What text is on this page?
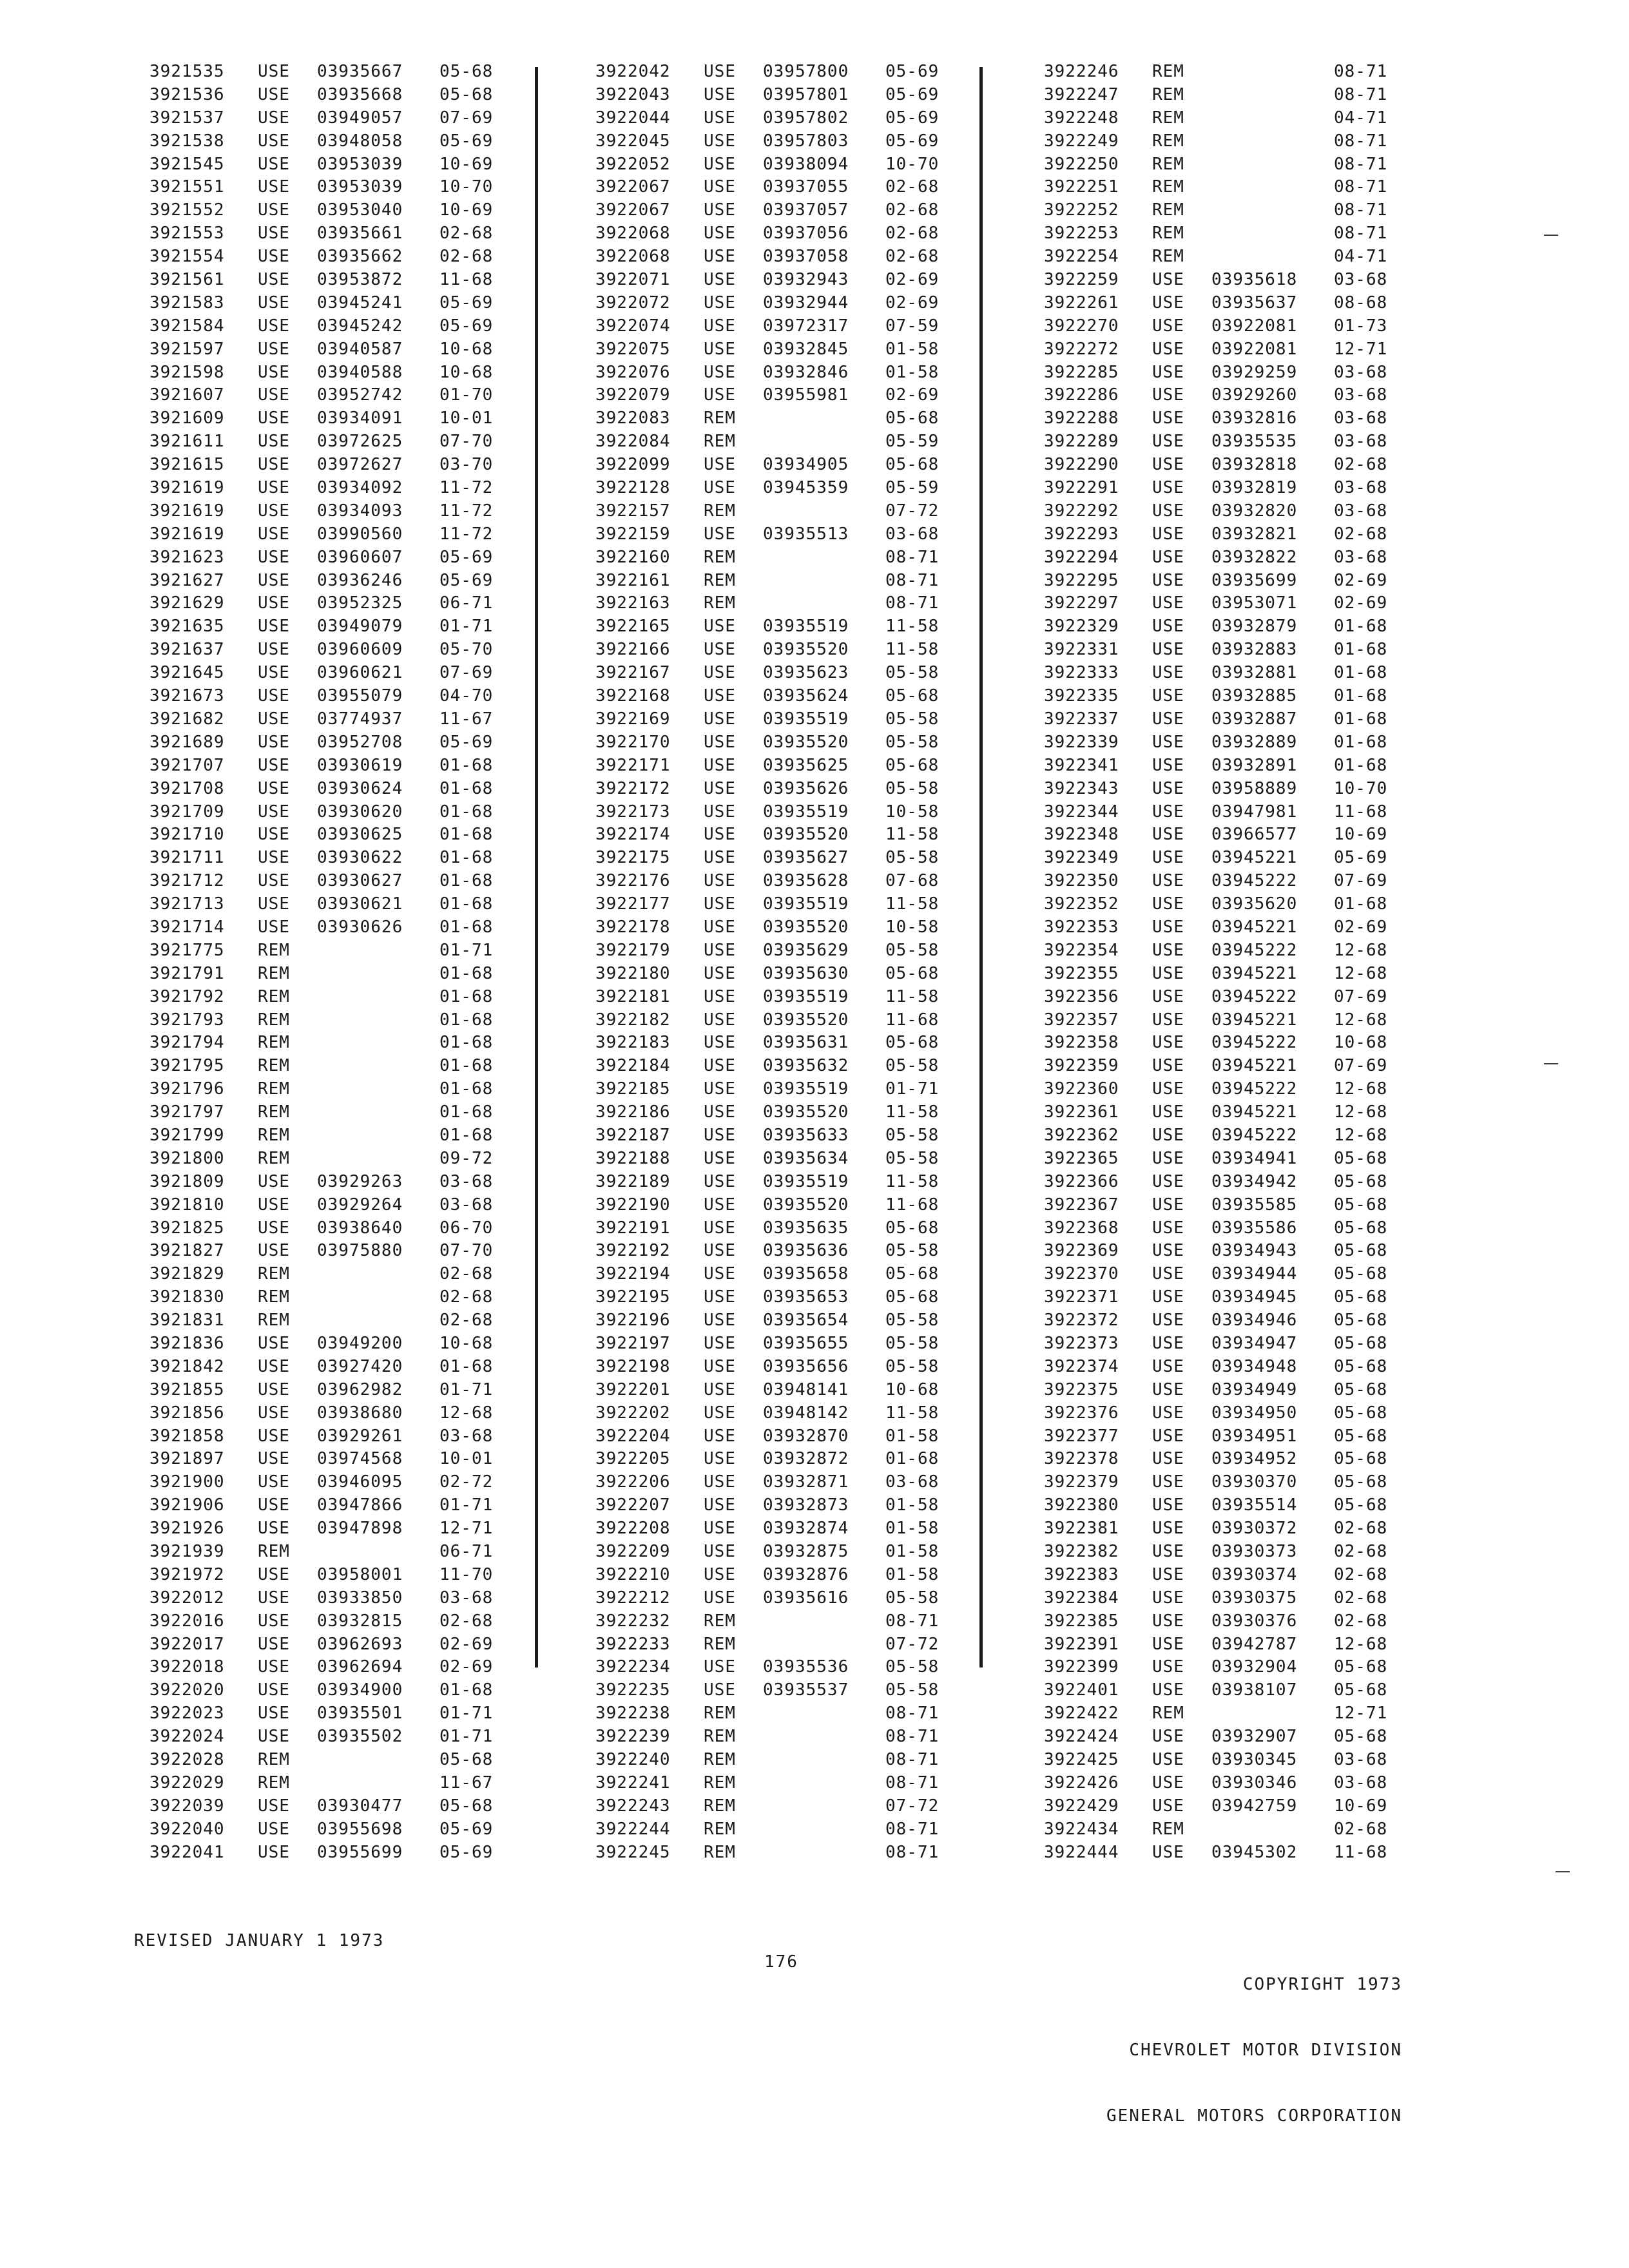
3921535 USE 03935667 05-68
3921536 USE 03935668 05-68
3921537 USE 03949057 07-69
3921538 USE 03948058 05-69
3921545 USE 03953039 10-69
3921551 USE 03953039 10-70
3921552 USE 03953040 10-69
3921553 USE 03935661 02-68
3921554 USE 03935662 02-68
3921561 USE 03953872 11-68
3921583 USE 03945241 05-69
3921584 USE 03945242 05-69
3921597 USE 03940587 10-68
3921598 USE 03940588 10-68
3921607 USE 03952742 01-70
3921609 USE 03934091 10-01
3921611 USE 03972625 07-70
3921615 USE 03972627 03-70
3921619 USE 03934092 11-72
3921619 USE 03934093 11-72
3921619 USE 03990560 11-72
3921623 USE 03960607 05-69
3921627 USE 03936246 05-69
3921629 USE 03952325 06-71
3921635 USE 03949079 01-71
3921637 USE 03960609 05-70
3921645 USE 03960621 07-69
3921673 USE 03955079 04-70
3921682 USE 03774937 11-67
3921689 USE 03952708 05-69
3921707 USE 03930619 01-68
3921708 USE 03930624 01-68
3921709 USE 03930620 01-68
3921710 USE 03930625 01-68
3921711 USE 03930622 01-68
3921712 USE 03930627 01-68
3921713 USE 03930621 01-68
3921714 USE 03930626 01-68
3921775 REM	01-71
3921791 REM	01-68
3921792 REM	01-68
3921793 REM	01-68
3921794 REM	01-68
3921795 REM	01-68
3921796 REM	01-68
3921797 REM	01-68
3921799 REM	01-68
3921800 REM	09-72
3921809 USE 03929263 03-68
3921810 USE 03929264 03-68
3921825 USE 03938640 06-70
3921827 USE 03975880 07-70
3921829 REM	02-68
3921830 REM	02-68
3921831 REM	02-68
3921836 USE 03949200 10-68
3921842 USE 03927420 01-68
3921855 USE 03962982 01-71
3921856 USE 03938680 12-68
3921858 USE 03929261 03-68
3921897 USE 03974568 10-01
3921900 USE 03946095 02-72
3921906 USE 03947866 01-71
3921926 USE 03947898 12-71
3921939 REM	06-71
3921972 USE 03958001 11-70
3922012 USE 03933850 03-68
3922016 USE 03932815 02-68
3922017 USE 03962693 02-69
3922018 USE 03962694 02-69
3922020 USE 03934900 01-68
3922023 USE 03935501 01-71
3922024 USE 03935502 01-71
3922028 REM	05-68
3922029 REM	11-67
3922039 USE 03930477 05-68
3922040 USE 03955698 05-69
3922041 USE 03955699 05-69
3922042 USE 03957800 05-69
3922043 USE 03957801 05-69
3922044 USE 03957802 05-69
3922045 USE 03957803 05-69
3922052 USE 03938094 10-70
3922067 USE 03937055 02-68
3922067 USE 03937057 02-68
3922068 USE 03937056 02-68
3922068 USE 03937058 02-68
3922071 USE 03932943 02-69
3922072 USE 03932944 02-69
3922074 USE 03972317 07-59
3922075 USE 03932845 01-58
3922076 USE 03932846 01-58
3922079 USE 03955981 02-69
3922083 REM	05-68
3922084 REM	05-59
3922099 USE 03934905 05-68
3922128 USE 03945359 05-59
3922157 REM	07-72
3922159 USE 03935513 03-68
3922160 REM	08-71
3922161 REM	08-71
3922163 REM	08-71
3922165 USE 03935519 11-58
3922166 USE 03935520 11-58
3922167 USE 03935623 05-58
3922168 USE 03935624 05-68
3922169 USE 03935519 05-58
3922170 USE 03935520 05-58
3922171 USE 03935625 05-68
3922172 USE 03935626 05-58
3922173 USE 03935519 10-58
3922174 USE 03935520 11-58
3922175 USE 03935627 05-58
3922176 USE 03935628 07-68
3922177 USE 03935519 11-58
3922178 USE 03935520 10-58
3922179 USE 03935629 05-58
3922180 USE 03935630 05-68
3922181 USE 03935519 11-58
3922182 USE 03935520 11-68
3922183 USE 03935631 05-68
3922184 USE 03935632 05-58
3922185 USE 03935519 01-71
3922186 USE 03935520 11-58
3922187 USE 03935633 05-58
3922188 USE 03935634 05-58
3922189 USE 03935519 11-58
3922190 USE 03935520 11-68
3922191 USE 03935635 05-68
3922192 USE 03935636 05-58
3922194 USE 03935658 05-68
3922195 USE 03935653 05-68
3922196 USE 03935654 05-58
3922197 USE 03935655 05-58
3922198 USE 03935656 05-58
3922201 USE 03948141 10-68
3922202 USE 03948142 11-58
3922204 USE 03932870 01-58
3922205 USE 03932872 01-68
3922206 USE 03932871 03-68
3922207 USE 03932873 01-58
3922208 USE 03932874 01-58
3922209 USE 03932875 01-58
3922210 USE 03932876 01-58
3922212 USE 03935616 05-58
3922232 REM	08-71
3922233 REM	07-72
3922234 USE 03935536 05-58
3922235 USE 03935537 05-58
3922238 REM	08-71
3922239 REM	08-71
3922240 REM	08-71
3922241 REM	08-71
3922243 REM	07-72
3922244 REM	08-71
3922245 REM	08-71
3922246 REM	08-71
3922247 REM	08-71
3922248 REM	04-71
3922249 REM	08-71
3922250 REM	08-71
3922251 REM	08-71
3922252 REM	08-71
3922253 REM	08-71
3922254 REM	04-71
3922259 USE 03935618 03-68
3922261 USE 03935637 08-68
3922270 USE 03922081 01-73
3922272 USE 03922081 12-71
3922285 USE 03929259 03-68
3922286 USE 03929260 03-68
3922288 USE 03932816 03-68
3922289 USE 03935535 03-68
3922290 USE 03932818 02-68
3922291 USE 03932819 03-68
3922292 USE 03932820 03-68
3922293 USE 03932821 02-68
3922294 USE 03932822 03-68
3922295 USE 03935699 02-69
3922297 USE 03953071 02-69
3922329 USE 03932879 01-68
3922331 USE 03932883 01-68
3922333 USE 03932881 01-68
3922335 USE 03932885 01-68
3922337 USE 03932887 01-68
3922339 USE 03932889 01-68
3922341 USE 03932891 01-68
3922343 USE 03958889 10-70
3922344 USE 03947981 11-68
3922348 USE 03966577 10-69
3922349 USE 03945221 05-69
3922350 USE 03945222 07-69
3922352 USE 03935620 01-68
3922353 USE 03945221 02-69
3922354 USE 03945222 12-68
3922355 USE 03945221 12-68
3922356 USE 03945222 07-69
3922357 USE 03945221 12-68
3922358 USE 03945222 10-68
3922359 USE 03945221 07-69
3922360 USE 03945222 12-68
3922361 USE 03945221 12-68
3922362 USE 03945222 12-68
3922365 USE 03934941 05-68
3922366 USE 03934942 05-68
3922367 USE 03935585 05-68
3922368 USE 03935586 05-68
3922369 USE 03934943 05-68
3922370 USE 03934944 05-68
3922371 USE 03934945 05-68
3922372 USE 03934946 05-68
3922373 USE 03934947 05-68
3922374 USE 03934948 05-68
3922375 USE 03934949 05-68
3922376 USE 03934950 05-68
3922377 USE 03934951 05-68
3922378 USE 03934952 05-68
3922379 USE 03930370 05-68
3922380 USE 03935514 05-68
3922381 USE 03930372 02-68
3922382 USE 03930373 02-68
3922383 USE 03930374 02-68
3922384 USE 03930375 02-68
3922385 USE 03930376 02-68
3922391 USE 03942787 12-68
3922399 USE 03932904 05-68
3922401 USE 03938107 05-68
3922422 REM	12-71
3922424 USE 03932907 05-68
3922425 USE 03930345 03-68
3922426 USE 03930346 03-68
3922429 USE 03942759 10-69
3922434 REM	02-68
3922444 USE 03945302 11-68
REVISED JANUARY 1 1973
176

COPYRIGHT 1973

CHEVROLET MOTOR DIVISION

GENERAL MOTORS CORPORATION
